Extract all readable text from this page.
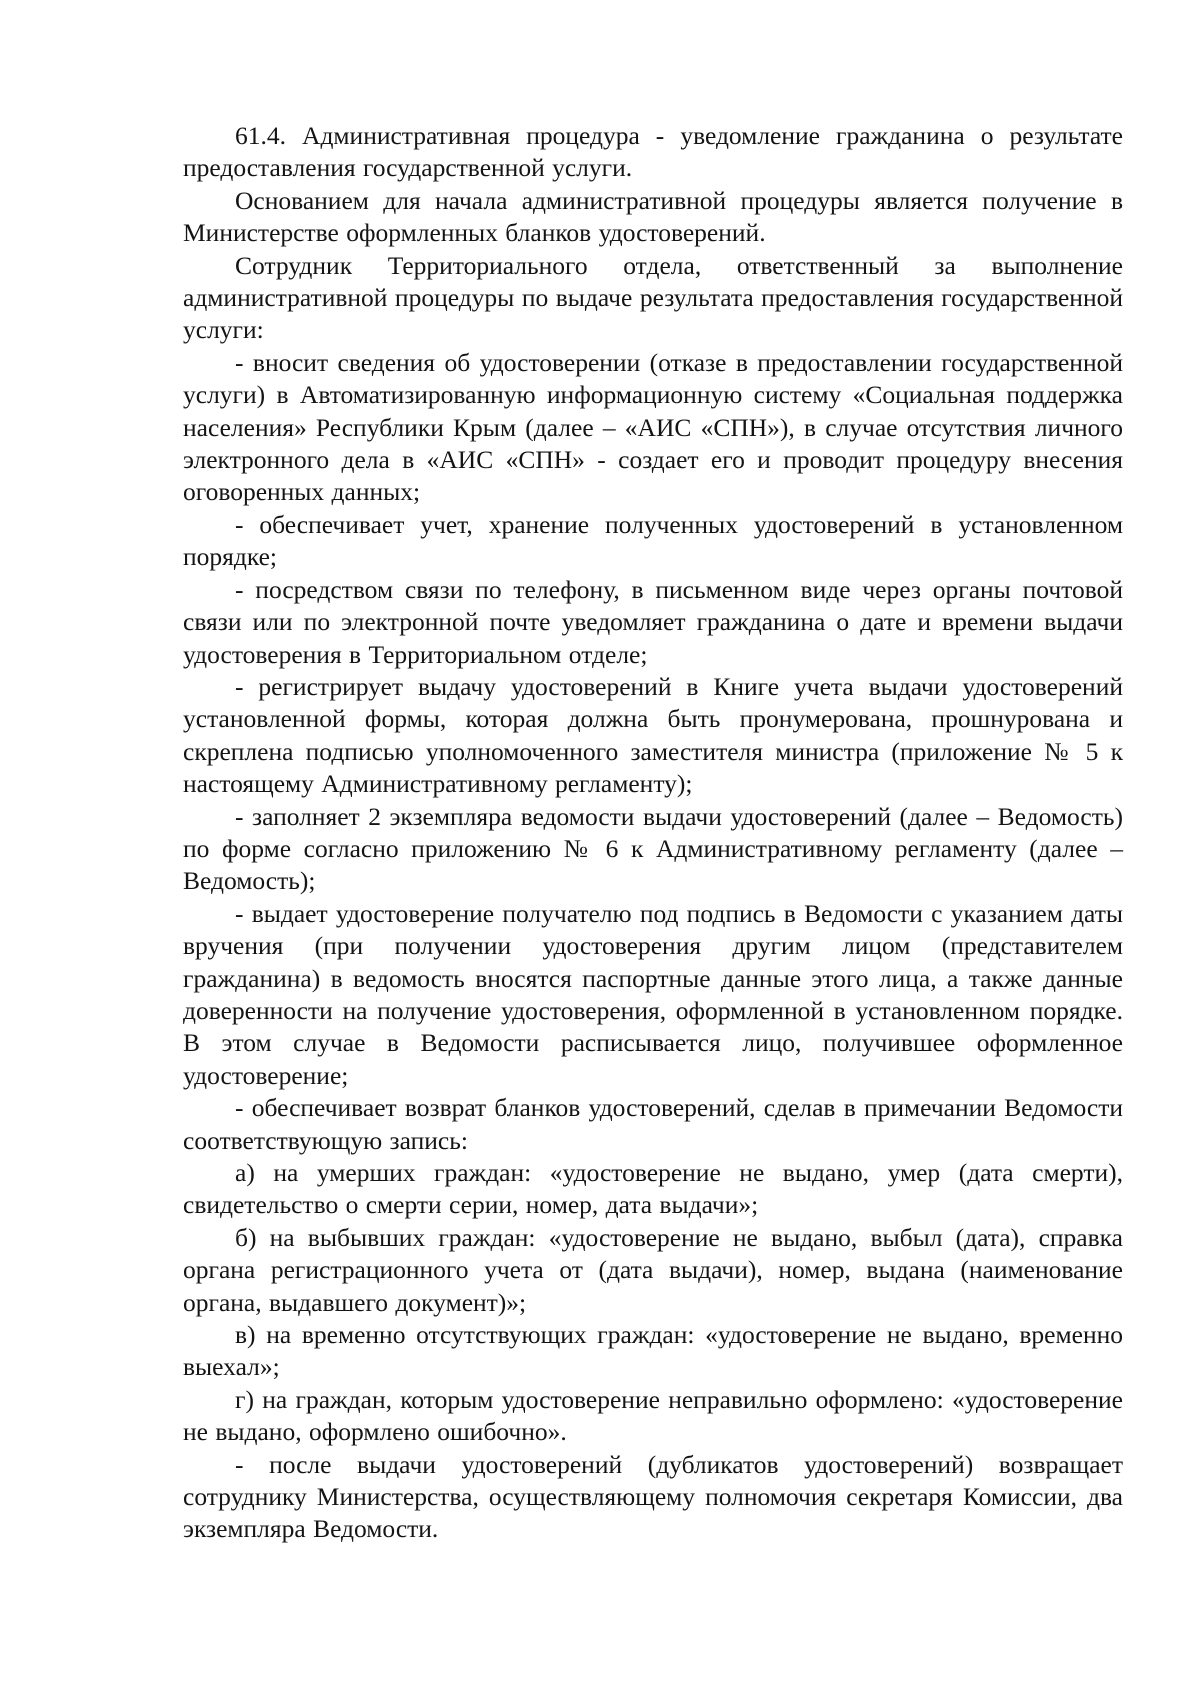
61.4. Административная процедура - уведомление гражданина о результате предоставления государственной услуги.

Основанием для начала административной процедуры является получение в Министерстве оформленных бланков удостоверений.

Сотрудник Территориального отдела, ответственный за выполнение административной процедуры по выдаче результата предоставления государственной услуги:

- вносит сведения об удостоверении (отказе в предоставлении государственной услуги) в Автоматизированную информационную систему «Социальная поддержка населения» Республики Крым (далее – «АИС «СПН»), в случае отсутствия личного электронного дела в «АИС «СПН» - создает его и проводит процедуру внесения оговоренных данных;

- обеспечивает учет, хранение полученных удостоверений в установленном порядке;

- посредством связи по телефону, в письменном виде через органы почтовой связи или по электронной почте уведомляет гражданина о дате и времени выдачи удостоверения в Территориальном отделе;

- регистрирует выдачу удостоверений в Книге учета выдачи удостоверений установленной формы, которая должна быть пронумерована, прошнурована и скреплена подписью уполномоченного заместителя министра (приложение № 5 к настоящему Административному регламенту);

- заполняет 2 экземпляра ведомости выдачи удостоверений (далее – Ведомость) по форме согласно приложению № 6 к Административному регламенту (далее – Ведомость);

- выдает удостоверение получателю под подпись в Ведомости с указанием даты вручения (при получении удостоверения другим лицом (представителем гражданина) в ведомость вносятся паспортные данные этого лица, а также данные доверенности на получение удостоверения, оформленной в установленном порядке. В этом случае в Ведомости расписывается лицо, получившее оформленное удостоверение;

- обеспечивает возврат бланков удостоверений, сделав в примечании Ведомости соответствующую запись:

а) на умерших граждан: «удостоверение не выдано, умер (дата смерти), свидетельство о смерти серии, номер, дата выдачи»;

б) на выбывших граждан: «удостоверение не выдано, выбыл (дата), справка органа регистрационного учета от (дата выдачи), номер, выдана (наименование органа, выдавшего документ)»;

в) на временно отсутствующих граждан: «удостоверение не выдано, временно выехал»;

г) на граждан, которым удостоверение неправильно оформлено: «удостоверение не выдано, оформлено ошибочно».

- после выдачи удостоверений (дубликатов удостоверений) возвращает сотруднику Министерства, осуществляющему полномочия секретаря Комиссии, два экземпляра Ведомости.
